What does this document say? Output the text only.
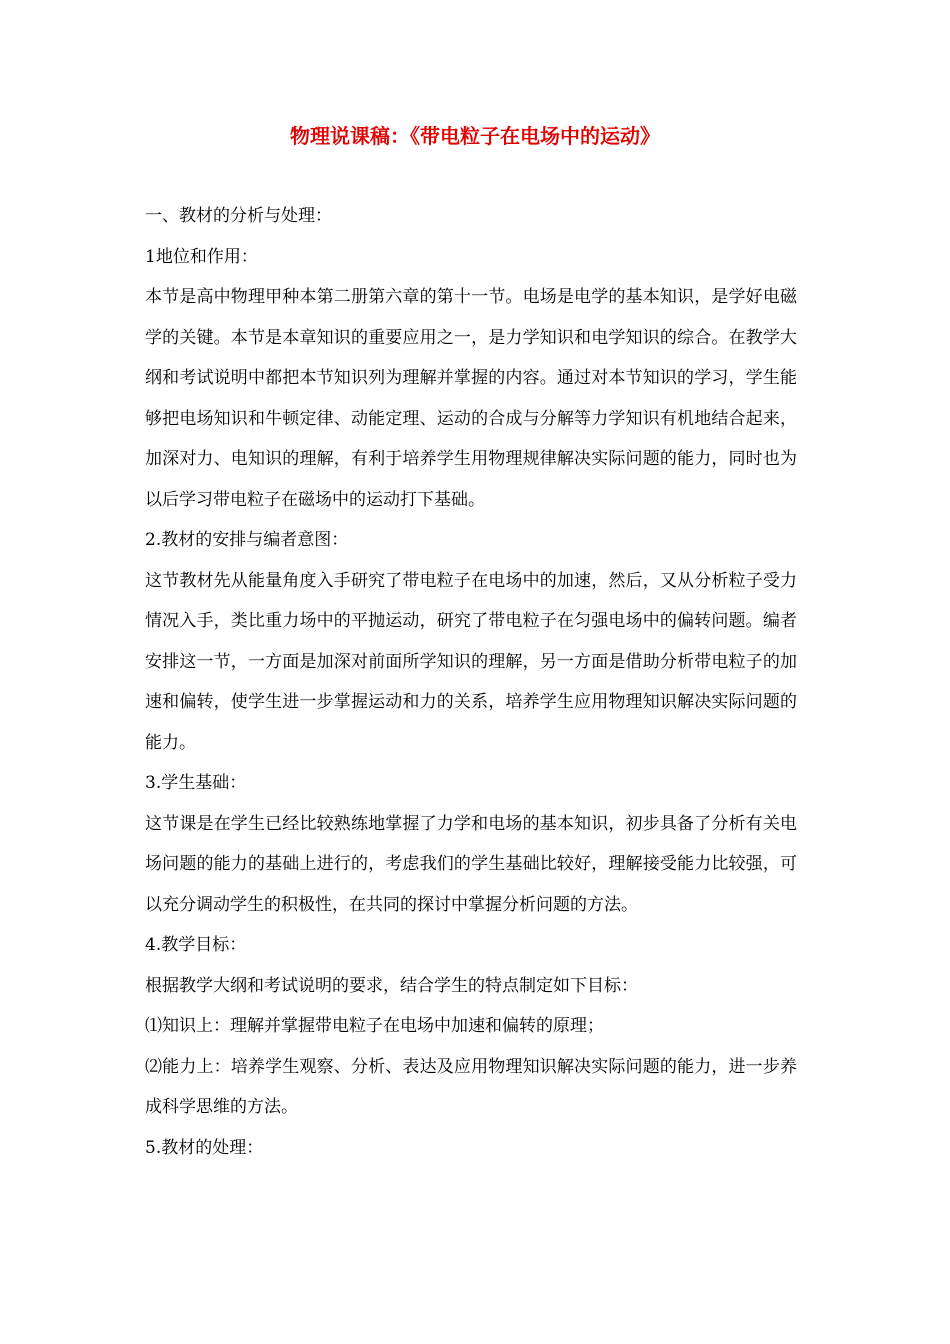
物理说课稿：《带电粒子在电场中的运动》

一、教材的分析与处理：

1地位和作用：

本节是高中物理甲种本第二册第六章的第十一节。电场是电学的基本知识，是学好电磁学的关键。本节是本章知识的重要应用之一，是力学知识和电学知识的综合。在教学大纲和考试说明中都把本节知识列为理解并掌握的内容。通过对本节知识的学习，学生能够把电场知识和牛顿定律、动能定理、运动的合成与分解等力学知识有机地结合起来，加深对力、电知识的理解，有利于培养学生用物理规律解决实际问题的能力，同时也为以后学习带电粒子在磁场中的运动打下基础。

2.教材的安排与编者意图：

这节教材先从能量角度入手研究了带电粒子在电场中的加速，然后，又从分析粒子受力情况入手，类比重力场中的平抛运动，研究了带电粒子在匀强电场中的偏转问题。编者安排这一节，一方面是加深对前面所学知识的理解，另一方面是借助分析带电粒子的加速和偏转，使学生进一步掌握运动和力的关系，培养学生应用物理知识解决实际问题的能力。

3.学生基础：

这节课是在学生已经比较熟练地掌握了力学和电场的基本知识，初步具备了分析有关电场问题的能力的基础上进行的，考虑我们的学生基础比较好，理解接受能力比较强，可以充分调动学生的积极性，在共同的探讨中掌握分析问题的方法。

4.教学目标：

根据教学大纲和考试说明的要求，结合学生的特点制定如下目标：

⑴知识上：理解并掌握带电粒子在电场中加速和偏转的原理；

⑵能力上：培养学生观察、分析、表达及应用物理知识解决实际问题的能力，进一步养成科学思维的方法。

5.教材的处理：
